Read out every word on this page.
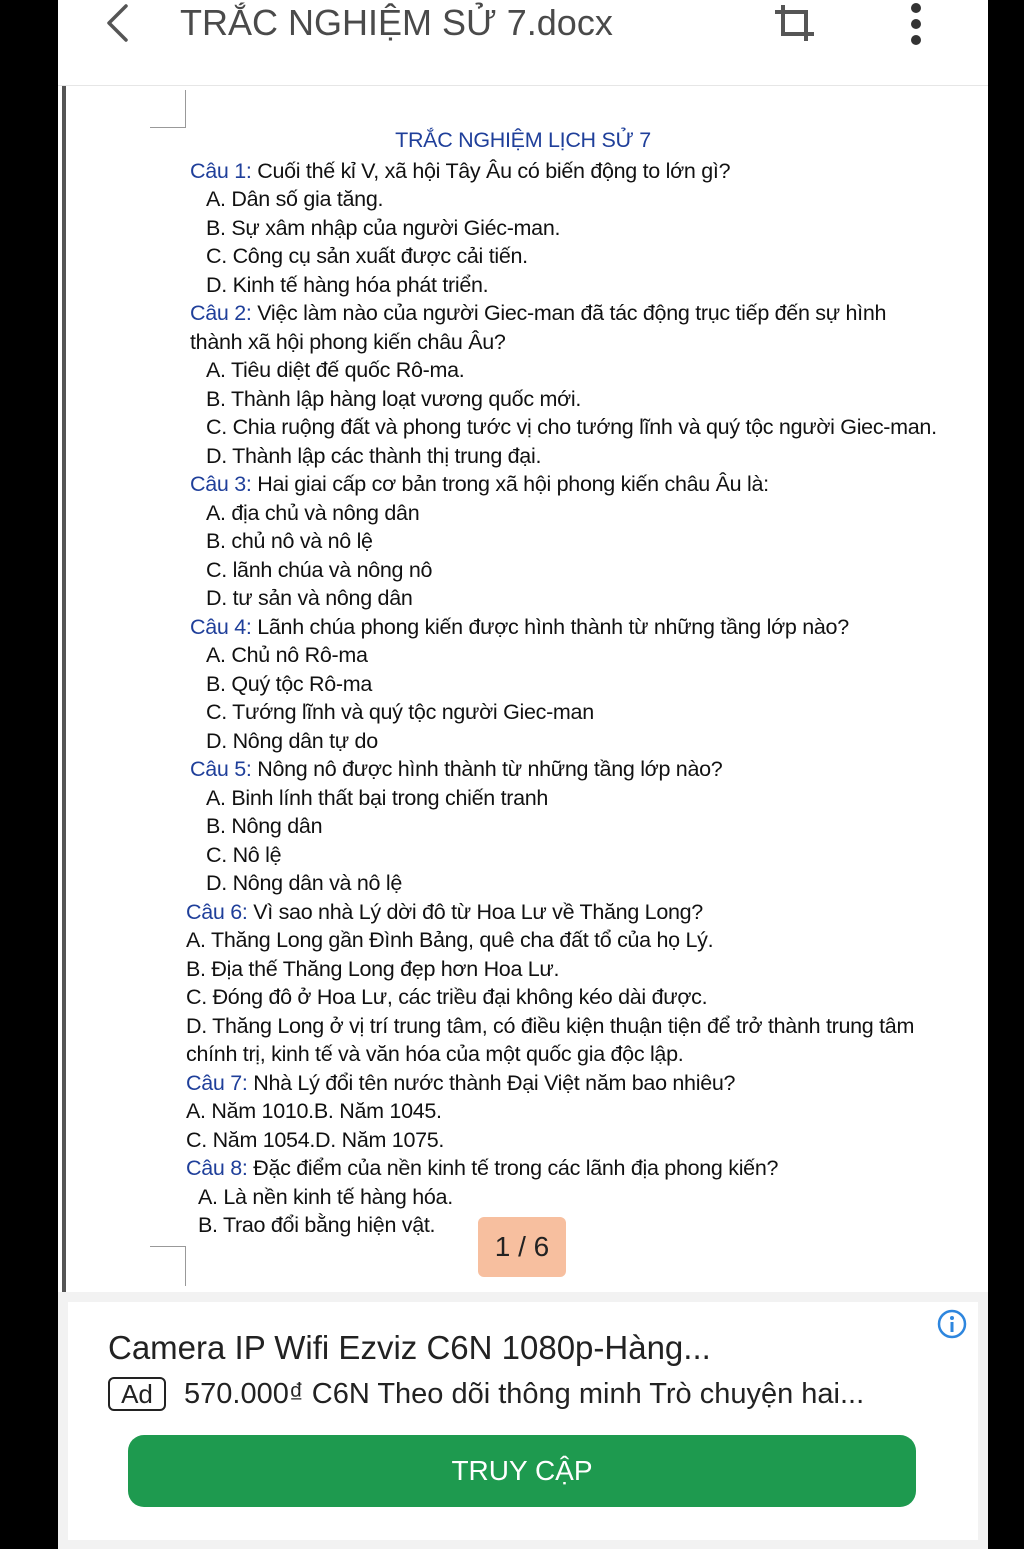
TRẮC NGHIỆM SỬ 7.docx
TRẮC NGHIỆM LỊCH SỬ 7
Câu 1: Cuối thế kỉ V, xã hội Tây Âu có biến động to lớn gì?
A. Dân số gia tăng.
B. Sự xâm nhập của người Giéc-man.
C. Công cụ sản xuất được cải tiến.
D. Kinh tế hàng hóa phát triển.
Câu 2: Việc làm nào của người Giec-man đã tác động trục tiếp đến sự hình
thành xã hội phong kiến châu Âu?
A. Tiêu diệt đế quốc Rô-ma.
B. Thành lập hàng loạt vương quốc mới.
C. Chia ruộng đất và phong tước vị cho tướng lĩnh và quý tộc người Giec-man.
D. Thành lập các thành thị trung đại.
Câu 3: Hai giai cấp cơ bản trong xã hội phong kiến châu Âu là:
A. địa chủ và nông dân
B. chủ nô và nô lệ
C. lãnh chúa và nông nô
D. tư sản và nông dân
Câu 4: Lãnh chúa phong kiến được hình thành từ những tầng lớp nào?
A. Chủ nô Rô-ma
B. Quý tộc Rô-ma
C. Tướng lĩnh và quý tộc người Giec-man
D. Nông dân tự do
Câu 5: Nông nô được hình thành từ những tầng lớp nào?
A. Binh lính thất bại trong chiến tranh
B. Nông dân
C. Nô lệ
D. Nông dân và nô lệ
Câu 6: Vì sao nhà Lý dời đô từ Hoa Lư về Thăng Long?
A. Thăng Long gần Đình Bảng, quê cha đất tổ của họ Lý.
B. Địa thế Thăng Long đẹp hơn Hoa Lư.
C. Đóng đô ở Hoa Lư, các triều đại không kéo dài được.
D. Thăng Long ở vị trí trung tâm, có điều kiện thuận tiện để trở thành trung tâm
chính trị, kinh tế và văn hóa của một quốc gia độc lập.
Câu 7: Nhà Lý đổi tên nước thành Đại Việt năm bao nhiêu?
A. Năm 1010.B. Năm 1045.
C. Năm 1054.D. Năm 1075.
Câu 8: Đặc điểm của nền kinh tế trong các lãnh địa phong kiến?
A. Là nền kinh tế hàng hóa.
B. Trao đổi bằng hiện vật.
1 / 6
Camera IP Wifi Ezviz C6N 1080p-Hàng...
Ad	570.000₫ C6N Theo dõi thông minh Trò chuyện hai...
TRUY CẬP
